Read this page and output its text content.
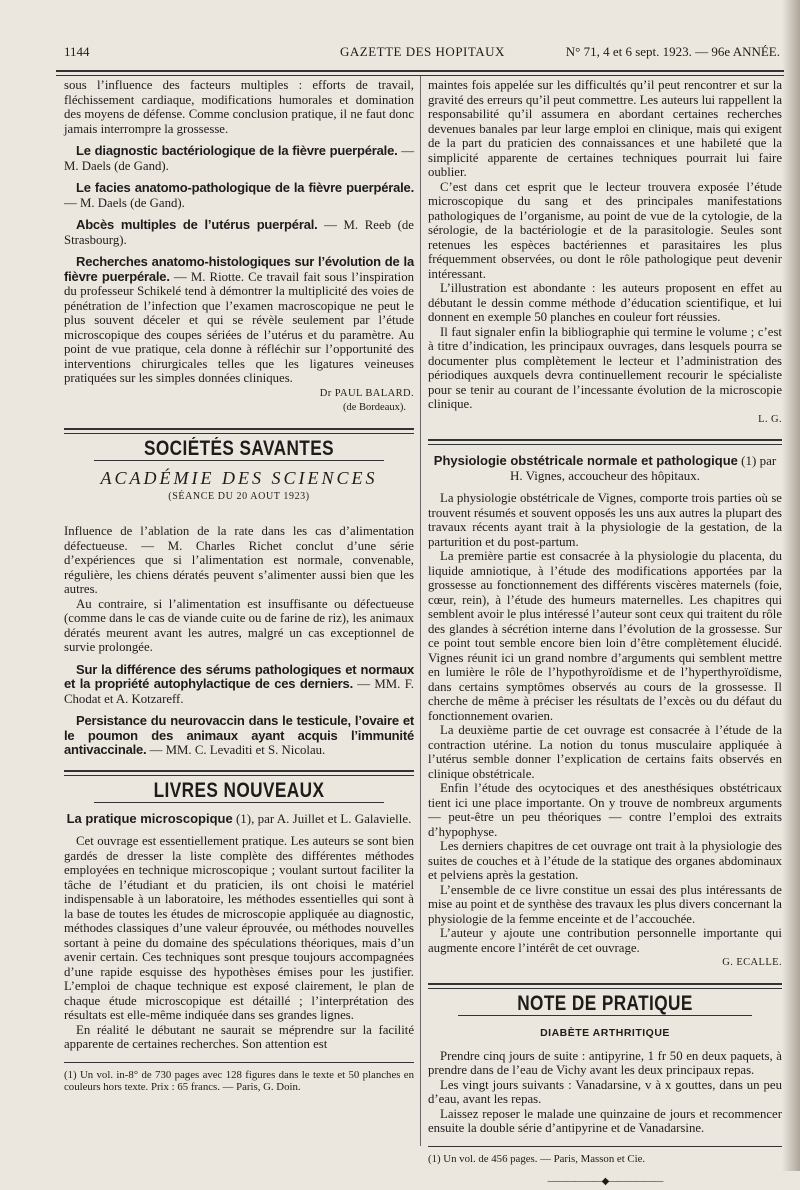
1144	GAZETTE DES HOPITAUX	N° 71, 4 et 6 sept. 1923. — 96e ANNÉE.

sous l’influence des facteurs multiples : efforts de travail, fléchissement cardiaque, modifications humorales et domination des moyens de défense. Comme conclusion pratique, il ne faut donc jamais interrompre la grossesse.

Le diagnostic bactériologique de la fièvre puerpérale. — M. Daels (de Gand).

Le facies anatomo-pathologique de la fièvre puerpérale. — M. Daels (de Gand).

Abcès multiples de l’utérus puerpéral. — M. Reeb (de Strasbourg).

Recherches anatomo-histologiques sur l’évolution de la fièvre puerpérale. — M. Riotte. Ce travail fait sous l’inspiration du professeur Schikelé tend à démontrer la multiplicité des voies de pénétration de l’infection que l’examen macroscopique ne peut le plus souvent déceler et qui se révèle seulement par l’étude microscopique des coupes sériées de l’utérus et du paramètre. Au point de vue pratique, cela donne à réfléchir sur l’opportunité des interventions chirurgicales telles que les ligatures veineuses pratiquées sur les simples données cliniques.

Dr PAUL BALARD.
(de Bordeaux).
SOCIÉTÉS SAVANTES
ACADÉMIE DES SCIENCES
(SÉANCE DU 20 AOUT 1923)

Influence de l’ablation de la rate dans les cas d’alimentation défectueuse. — M. Charles Richet conclut d’une série d’expériences que si l’alimentation est normale, convenable, régulière, les chiens dératés peuvent s’alimenter aussi bien que les autres.

Au contraire, si l’alimentation est insuffisante ou défectueuse (comme dans le cas de viande cuite ou de farine de riz), les animaux dératés meurent avant les autres, malgré un cas exceptionnel de survie prolongée.

Sur la différence des sérums pathologiques et normaux et la propriété autophylactique de ces derniers. — MM. F. Chodat et A. Kotzareff.

Persistance du neurovaccin dans le testicule, l’ovaire et le poumon des animaux ayant acquis l’immunité antivaccinale. — MM. C. Levaditi et S. Nicolau.

LIVRES NOUVEAUX
La pratique microscopique (1), par A. Juillet et L. Galavielle.

Cet ouvrage est essentiellement pratique. Les auteurs se sont bien gardés de dresser la liste complète des différentes méthodes employées en technique microscopique ; voulant surtout faciliter la tâche de l’étudiant et du praticien, ils ont choisi le matériel indispensable à un laboratoire, les méthodes essentielles qui sont à la base de toutes les études de microscopie appliquée au diagnostic, méthodes classiques d’une valeur éprouvée, ou méthodes nouvelles sortant à peine du domaine des spéculations théoriques, mais d’un avenir certain. Ces techniques sont presque toujours accompagnées d’une rapide esquisse des hypothèses émises pour les justifier. L’emploi de chaque technique est exposé clairement, le plan de chaque étude microscopique est détaillé ; l’interprétation des résultats est elle-même indiquée dans ses grandes lignes.

En réalité le débutant ne saurait se méprendre sur la facilité apparente de certaines recherches. Son attention est

(1) Un vol. in-8° de 730 pages avec 128 figures dans le texte et 50 planches en couleurs hors texte. Prix : 65 francs. — Paris, G. Doin.

maintes fois appelée sur les difficultés qu’il peut rencontrer et sur la gravité des erreurs qu’il peut commettre. Les auteurs lui rappellent la responsabilité qu’il assumera en abordant certaines recherches devenues banales par leur large emploi en clinique, mais qui exigent de la part du praticien des connaissances et une habileté que la simplicité apparente de certaines techniques pourrait lui faire oublier.

C’est dans cet esprit que le lecteur trouvera exposée l’étude microscopique du sang et des principales manifestations pathologiques de l’organisme, au point de vue de la cytologie, de la sérologie, de la bactériologie et de la parasitologie. Seules sont retenues les espèces bactériennes et parasitaires les plus fréquemment observées, ou dont le rôle pathologique peut devenir intéressant.

L’illustration est abondante : les auteurs proposent en effet au débutant le dessin comme méthode d’éducation scientifique, et lui donnent en exemple 50 planches en couleur fort réussies.

Il faut signaler enfin la bibliographie qui termine le volume ; c’est à titre d’indication, les principaux ouvrages, dans lesquels pourra se documenter plus complètement le lecteur et l’administration des périodiques auxquels devra continuellement recourir le spécialiste pour se tenir au courant de l’incessante évolution de la microscopie clinique.

L. G.
Physiologie obstétricale normale et pathologique (1) par H. Vignes, accoucheur des hôpitaux.

La physiologie obstétricale de Vignes, comporte trois parties où se trouvent résumés et souvent opposés les uns aux autres la plupart des travaux récents ayant trait à la physiologie de la gestation, de la parturition et du post-partum.

La première partie est consacrée à la physiologie du placenta, du liquide amniotique, à l’étude des modifications apportées par la grossesse au fonctionnement des différents viscères maternels (foie, cœur, rein), à l’étude des humeurs maternelles. Les chapitres qui semblent avoir le plus intéressé l’auteur sont ceux qui traitent du rôle des glandes à sécrétion interne dans l’évolution de la grossesse. Sur ce point tout semble encore bien loin d’être complètement élucidé. Vignes réunit ici un grand nombre d’arguments qui semblent mettre en lumière le rôle de l’hypothyroïdisme et de l’hyperthyroïdisme, dans certains symptômes observés au cours de la grossesse. Il cherche de même à préciser les résultats de l’excès ou du défaut du fonctionnement ovarien.

La deuxième partie de cet ouvrage est consacrée à l’étude de la contraction utérine. La notion du tonus musculaire appliquée à l’utérus semble donner l’explication de certains faits observés en clinique obstétricale.

Enfin l’étude des ocytociques et des anesthésiques obstétricaux tient ici une place importante. On y trouve de nombreux arguments — peut-être un peu théoriques — contre l’emploi des extraits d’hypophyse.

Les derniers chapitres de cet ouvrage ont trait à la physiologie des suites de couches et à l’étude de la statique des organes abdominaux et pelviens après la gestation.

L’ensemble de ce livre constitue un essai des plus intéressants de mise au point et de synthèse des travaux les plus divers concernant la physiologie de la femme enceinte et de l’accouchée.

L’auteur y ajoute une contribution personnelle importante qui augmente encore l’intérêt de cet ouvrage.

G. ECALLE.
NOTE DE PRATIQUE
DIABÈTE ARTHRITIQUE

Prendre cinq jours de suite : antipyrine, 1 fr 50 en deux paquets, à prendre dans de l’eau de Vichy avant les deux principaux repas.

Les vingt jours suivants : Vanadarsine, v à x gouttes, dans un peu d’eau, avant les repas.

Laissez reposer le malade une quinzaine de jours et recommencer ensuite la double série d’antipyrine et de Vanadarsine.

(1) Un vol. de 456 pages. — Paris, Masson et Cie.

——————◆——————
